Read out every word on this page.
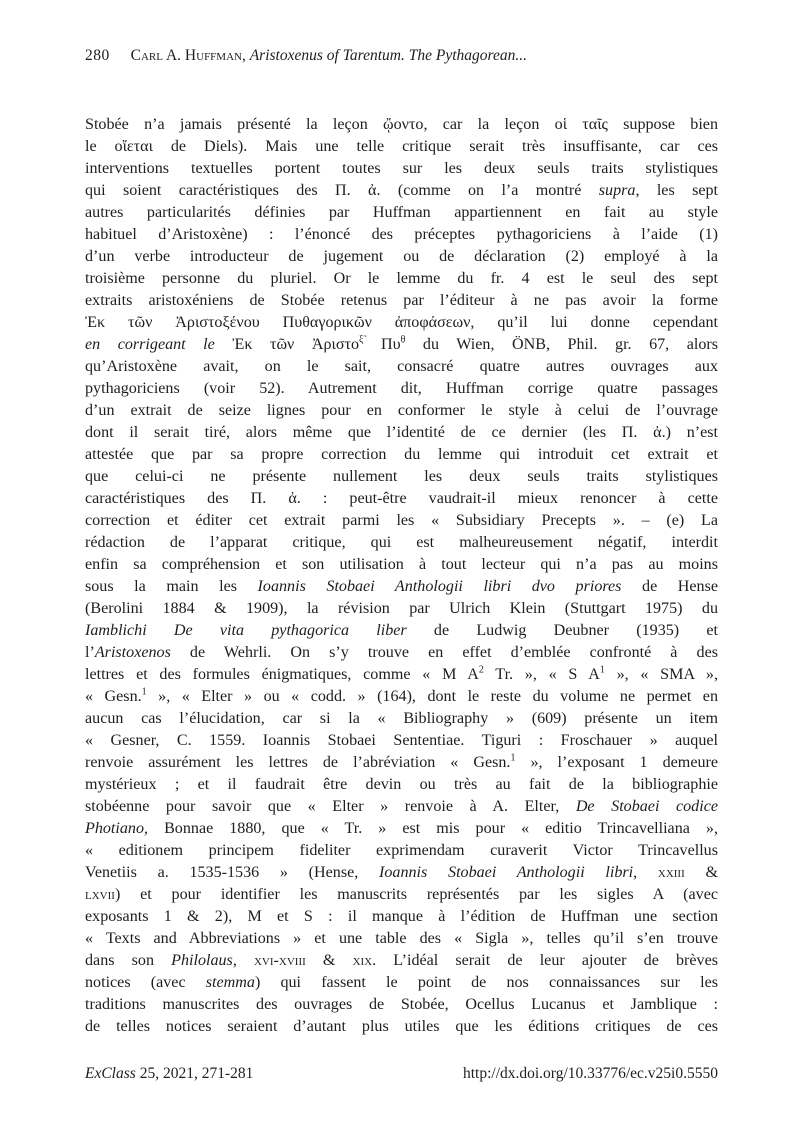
280 Carl A. Huffman, Aristoxenus of Tarentum. The Pythagorean...
Stobée n’a jamais présenté la leçon ᾤοντο, car la leçon οἱ ταῖς suppose bien
le οἴεται de Diels). Mais une telle critique serait très insuffisante, car ces
interventions textuelles portent toutes sur les deux seuls traits stylistiques
qui soient caractéristiques des Π. ἀ. (comme on l’a montré supra, les sept
autres particularités définies par Huffman appartiennent en fait au style
habituel d’Aristoxène) : l’énoncé des préceptes pythagoriciens à l’aide (1)
d’un verbe introducteur de jugement ou de déclaration (2) employé à la
troisième personne du pluriel. Or le lemme du fr. 4 est le seul des sept
extraits aristoxéniens de Stobée retenus par l’éditeur à ne pas avoir la forme
Ἐκ τῶν Ἀριστοξένου Πυθαγορικῶν ἀποφάσεων, qu’il lui donne cependant
en corrigeant le Ἐκ τῶν Ἀριστο$^{\xĩ}$ $\Pi\upsilon^\theta$ du Wien, ÖNB, Phil. gr. 67, alors
qu’Aristoxène avait, on le sait, consacré quatre autres ouvrages aux
pythagoriciens (voir 52). Autrement dit, Huffman corrige quatre passages
d’un extrait de seize lignes pour en conformer le style à celui de l’ouvrage
dont il serait tiré, alors même que l’identité de ce dernier (les Π. ἀ.) n’est
attestée que par sa propre correction du lemme qui introduit cet extrait et
que celui-ci ne présente nullement les deux seuls traits stylistiques
caractéristiques des Π. ἀ. : peut-être vaudrait-il mieux renoncer à cette
correction et éditer cet extrait parmi les « Subsidiary Precepts ». – (e) La
rédaction de l’apparat critique, qui est malheureusement négatif, interdit
enfin sa compréhension et son utilisation à tout lecteur qui n’a pas au moins
sous la main les Ioannis Stobaei Anthologii libri dvo priores de Hense
(Berolini 1884 & 1909), la révision par Ulrich Klein (Stuttgart 1975) du
Iamblichi De vita pythagorica liber de Ludwig Deubner (1935) et
l’Aristoxenos de Wehrli. On s’y trouve en effet d’emblée confronté à des
lettres et des formules énigmatiques, comme « M $A^2$ Tr. », « S $A^1$ », « SMA »,
« Gesn.$^1$ », « Elter » ou « codd. » (164), dont le reste du volume ne permet en
aucun cas l’élucidation, car si la « Bibliography » (609) présente un item
« Gesner, C. 1559. Ioannis Stobaei Sententiae. Tiguri : Froschauer » auquel
renvoie assurément les lettres de l’abréviation « Gesn.$^1$ », l’exposant 1 demeure
mystérieux ; et il faudrait être devin ou très au fait de la bibliographie
stobéenne pour savoir que « Elter » renvoie à A. Elter, De Stobaei codice
Photiano, Bonnae 1880, que « Tr. » est mis pour « editio Trincavelliana »,
« editionem principem fideliter exprimendam curaverit Victor Trincavellus
Venetiis a. 1535-1536 » (Hense, Ioannis Stobaei Anthologii libri, xxiii &
lxvii) et pour identifier les manuscrits représentés par les sigles A (avec
exposants 1 & 2), M et S : il manque à l’édition de Huffman une section
« Texts and Abbreviations » et une table des « Sigla », telles qu’il s’en trouve
dans son Philolaus, xvi-xviii & xix. L’idéal serait de leur ajouter de brèves
notices (avec stemma) qui fassent le point de nos connaissances sur les
traditions manuscrites des ouvrages de Stobée, Ocellus Lucanus et Jamblique :
de telles notices seraient d’autant plus utiles que les éditions critiques de ces
ExClass 25, 2021, 271-281	http://dx.doi.org/10.33776/ec.v25i0.5550
